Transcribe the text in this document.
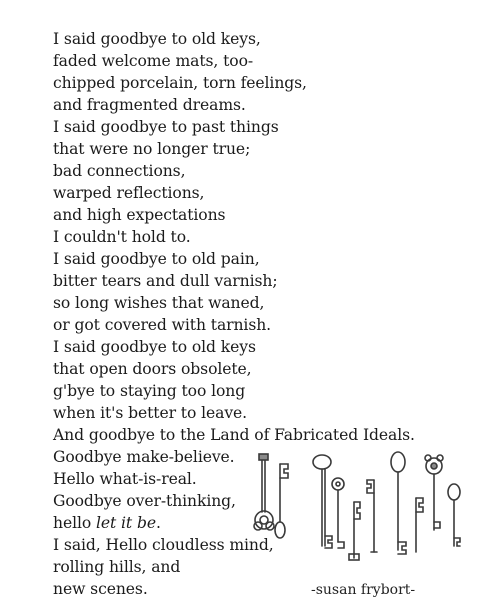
I said goodbye to old keys,
faded welcome mats, too-
chipped porcelain, torn feelings,
and fragmented dreams.
I said goodbye to past things
that were no longer true;
bad connections,
warped reflections,
and high expectations
I couldn't hold to.
I said goodbye to old pain,
bitter tears and dull varnish;
so long wishes that waned,
or got covered with tarnish.
I said goodbye to old keys
that open doors obsolete,
g'bye to staying too long
when it's better to leave.
And goodbye to the Land of Fabricated Ideals.
Goodbye make-believe.
Hello what-is-real.
Goodbye over-thinking,
hello let it be.
I said, Hello cloudless mind,
rolling hills, and
new scenes.	-susan frybort-
